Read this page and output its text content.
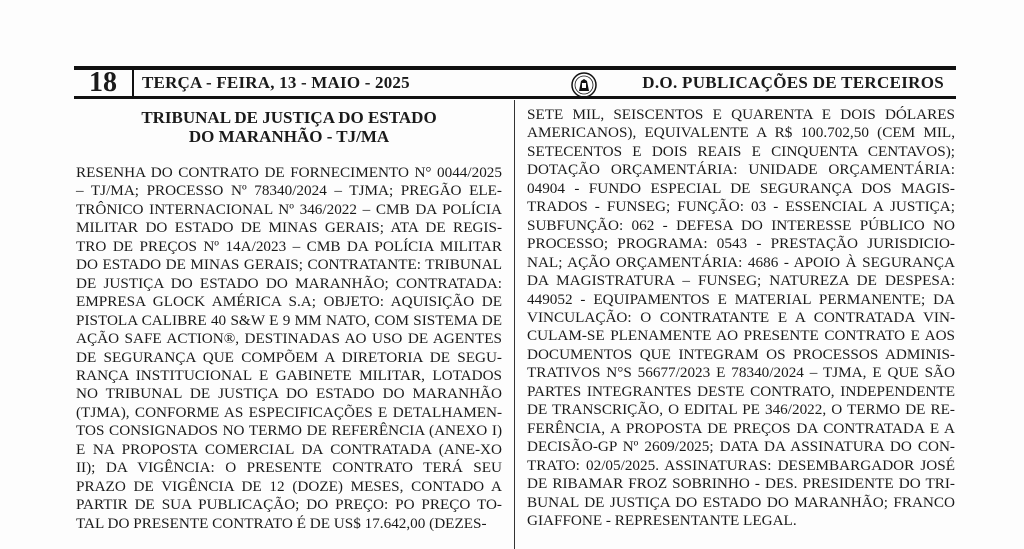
18	TERÇA - FEIRA, 13 - MAIO - 2025	D.O. PUBLICAÇÕES DE TERCEIROS
TRIBUNAL DE JUSTIÇA DO ESTADO
DO MARANHÃO - TJ/MA

RESENHA DO CONTRATO DE FORNECIMENTO N° 0044/2025 – TJ/MA; PROCESSO Nº 78340/2024 – TJMA; PREGÃO ELE-TRÔNICO INTERNACIONAL Nº 346/2022 – CMB DA POLÍCIA MILITAR DO ESTADO DE MINAS GERAIS; ATA DE REGIS-TRO DE PREÇOS Nº 14A/2023 – CMB DA POLÍCIA MILITAR DO ESTADO DE MINAS GERAIS; CONTRATANTE: TRIBUNAL DE JUSTIÇA DO ESTADO DO MARANHÃO; CONTRATADA: EMPRESA GLOCK AMÉRICA S.A; OBJETO: AQUISIÇÃO DE PISTOLA CALIBRE 40 S&W E 9 MM NATO, COM SISTEMA DE AÇÃO SAFE ACTION®, DESTINADAS AO USO DE AGENTES DE SEGURANÇA QUE COMPÕEM A DIRETORIA DE SEGU-RANÇA INSTITUCIONAL E GABINETE MILITAR, LOTADOS NO TRIBUNAL DE JUSTIÇA DO ESTADO DO MARANHÃO (TJMA), CONFORME AS ESPECIFICAÇÕES E DETALHAMEN-TOS CONSIGNADOS NO TERMO DE REFERÊNCIA (ANEXO I) E NA PROPOSTA COMERCIAL DA CONTRATADA (ANE-XO II); DA VIGÊNCIA: O PRESENTE CONTRATO TERÁ SEU PRAZO DE VIGÊNCIA DE 12 (DOZE) MESES, CONTADO A PARTIR DE SUA PUBLICAÇÃO; DO PREÇO: PO PREÇO TO-TAL DO PRESENTE CONTRATO É DE US$ 17.642,00 (DEZES-

SETE MIL, SEISCENTOS E QUARENTA E DOIS DÓLARES AMERICANOS), EQUIVALENTE A R$ 100.702,50 (CEM MIL, SETECENTOS E DOIS REAIS E CINQUENTA CENTAVOS); DOTAÇÃO ORÇAMENTÁRIA: UNIDADE ORÇAMENTÁRIA: 04904 - FUNDO ESPECIAL DE SEGURANÇA DOS MAGIS-TRADOS - FUNSEG; FUNÇÃO: 03 - ESSENCIAL A JUSTIÇA; SUBFUNÇÃO: 062 - DEFESA DO INTERESSE PÚBLICO NO PROCESSO; PROGRAMA: 0543 - PRESTAÇÃO JURISDICIO-NAL; AÇÃO ORÇAMENTÁRIA: 4686 - APOIO À SEGURANÇA DA MAGISTRATURA – FUNSEG; NATUREZA DE DESPESA: 449052 - EQUIPAMENTOS E MATERIAL PERMANENTE; DA VINCULAÇÃO: O CONTRATANTE E A CONTRATADA VIN-CULAM-SE PLENAMENTE AO PRESENTE CONTRATO E AOS DOCUMENTOS QUE INTEGRAM OS PROCESSOS ADMINIS-TRATIVOS N°S 56677/2023 E 78340/2024 – TJMA, E QUE SÃO PARTES INTEGRANTES DESTE CONTRATO, INDEPENDENTE DE TRANSCRIÇÃO, O EDITAL PE 346/2022, O TERMO DE RE-FERÊNCIA, A PROPOSTA DE PREÇOS DA CONTRATADA E A DECISÃO-GP Nº 2609/2025; DATA DA ASSINATURA DO CON-TRATO: 02/05/2025. ASSINATURAS: DESEMBARGADOR JOSÉ DE RIBAMAR FROZ SOBRINHO - DES. PRESIDENTE DO TRI-BUNAL DE JUSTIÇA DO ESTADO DO MARANHÃO; FRANCO GIAFFONE - REPRESENTANTE LEGAL.
